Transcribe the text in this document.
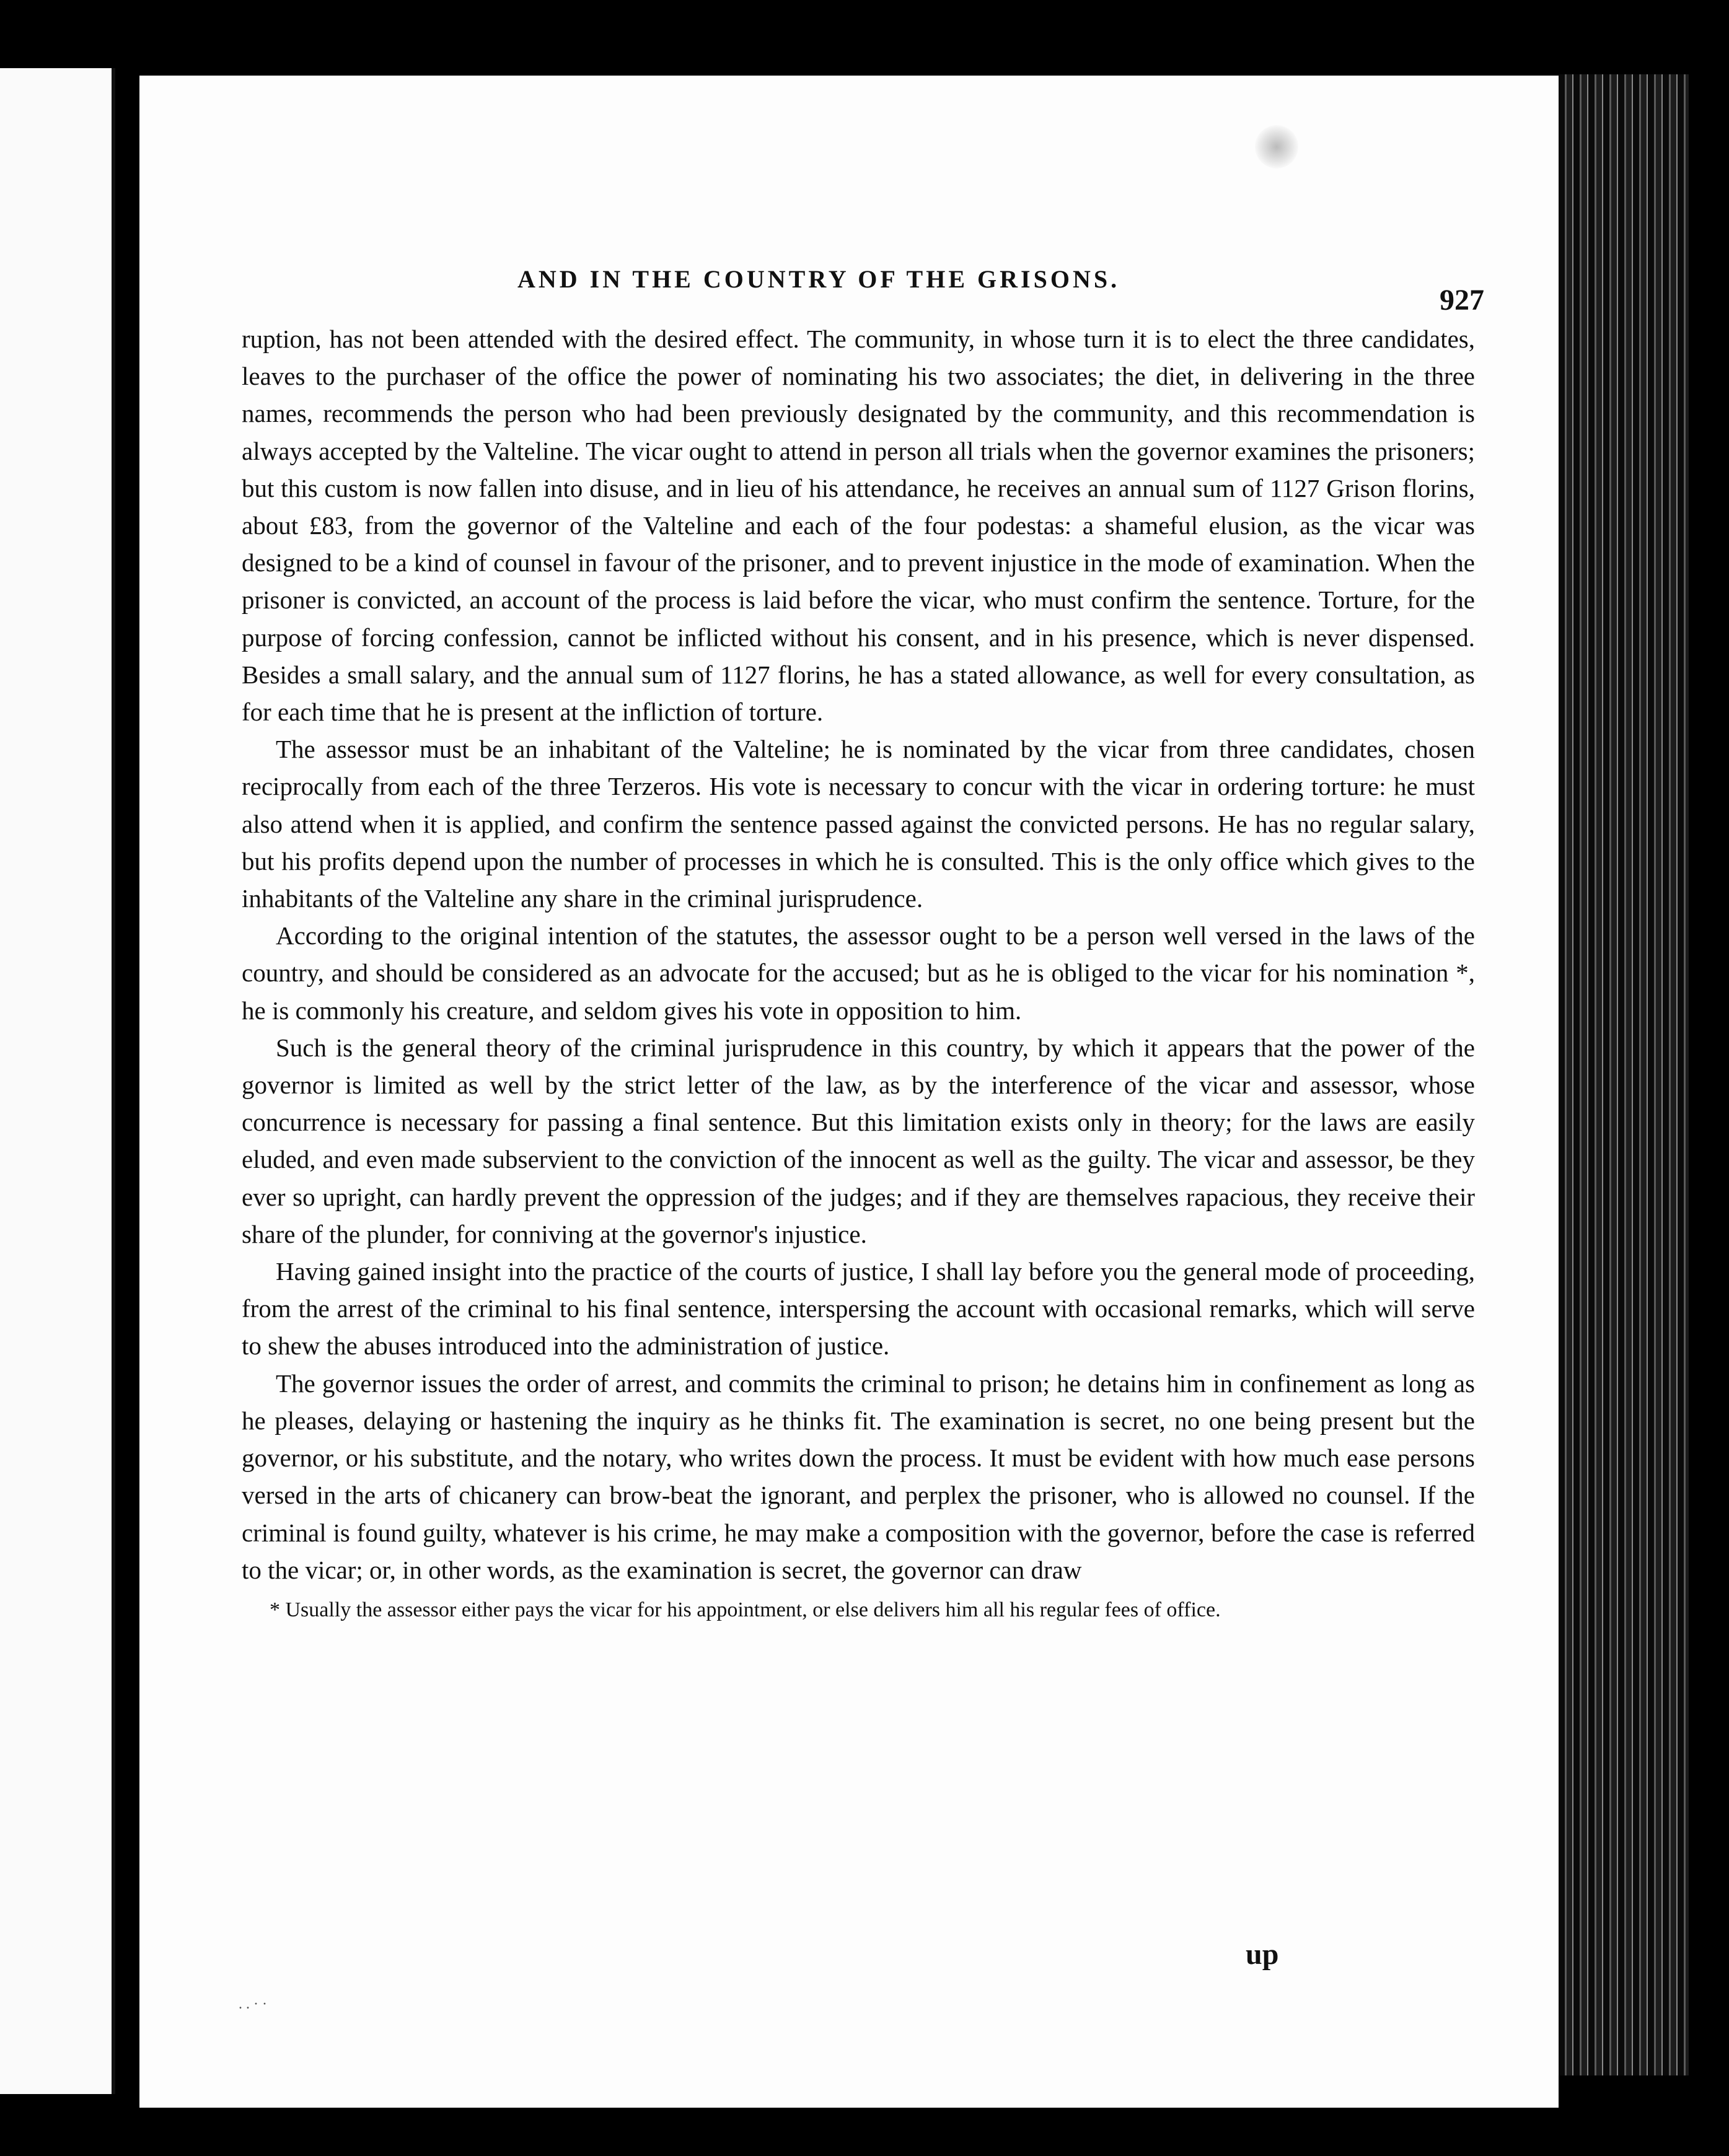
AND IN THE COUNTRY OF THE GRISONS.
927

ruption, has not been attended with the desired effect. The community, in whose turn it is to elect the three candidates, leaves to the purchaser of the office the power of nominating his two associates; the diet, in delivering in the three names, recommends the person who had been previously designated by the community, and this recommendation is always accepted by the Valteline. The vicar ought to attend in person all trials when the governor examines the prisoners; but this custom is now fallen into disuse, and in lieu of his attendance, he receives an annual sum of 1127 Grison florins, about £83, from the governor of the Valteline and each of the four podestas: a shameful elusion, as the vicar was designed to be a kind of counsel in favour of the prisoner, and to prevent injustice in the mode of examination. When the prisoner is convicted, an account of the process is laid before the vicar, who must confirm the sentence. Torture, for the purpose of forcing confession, cannot be inflicted without his consent, and in his presence, which is never dispensed. Besides a small salary, and the annual sum of 1127 florins, he has a stated allowance, as well for every consultation, as for each time that he is present at the infliction of torture.

The assessor must be an inhabitant of the Valteline; he is nominated by the vicar from three candidates, chosen reciprocally from each of the three Terzeros. His vote is necessary to concur with the vicar in ordering torture: he must also attend when it is applied, and confirm the sentence passed against the convicted persons. He has no regular salary, but his profits depend upon the number of processes in which he is consulted. This is the only office which gives to the inhabitants of the Valteline any share in the criminal jurisprudence.

According to the original intention of the statutes, the assessor ought to be a person well versed in the laws of the country, and should be considered as an advocate for the accused; but as he is obliged to the vicar for his nomination *, he is commonly his creature, and seldom gives his vote in opposition to him.

Such is the general theory of the criminal jurisprudence in this country, by which it appears that the power of the governor is limited as well by the strict letter of the law, as by the interference of the vicar and assessor, whose concurrence is necessary for passing a final sentence. But this limitation exists only in theory; for the laws are easily eluded, and even made subservient to the conviction of the innocent as well as the guilty. The vicar and assessor, be they ever so upright, can hardly prevent the oppression of the judges; and if they are themselves rapacious, they receive their share of the plunder, for conniving at the governor's injustice.

Having gained insight into the practice of the courts of justice, I shall lay before you the general mode of proceeding, from the arrest of the criminal to his final sentence, interspersing the account with occasional remarks, which will serve to shew the abuses introduced into the administration of justice.

The governor issues the order of arrest, and commits the criminal to prison; he detains him in confinement as long as he pleases, delaying or hastening the inquiry as he thinks fit. The examination is secret, no one being present but the governor, or his substitute, and the notary, who writes down the process. It must be evident with how much ease persons versed in the arts of chicanery can brow-beat the ignorant, and perplex the prisoner, who is allowed no counsel. If the criminal is found guilty, whatever is his crime, he may make a composition with the governor, before the case is referred to the vicar; or, in other words, as the examination is secret, the governor can draw

* Usually the assessor either pays the vicar for his appointment, or else delivers him all his regular fees of office.

up
. . · ·
